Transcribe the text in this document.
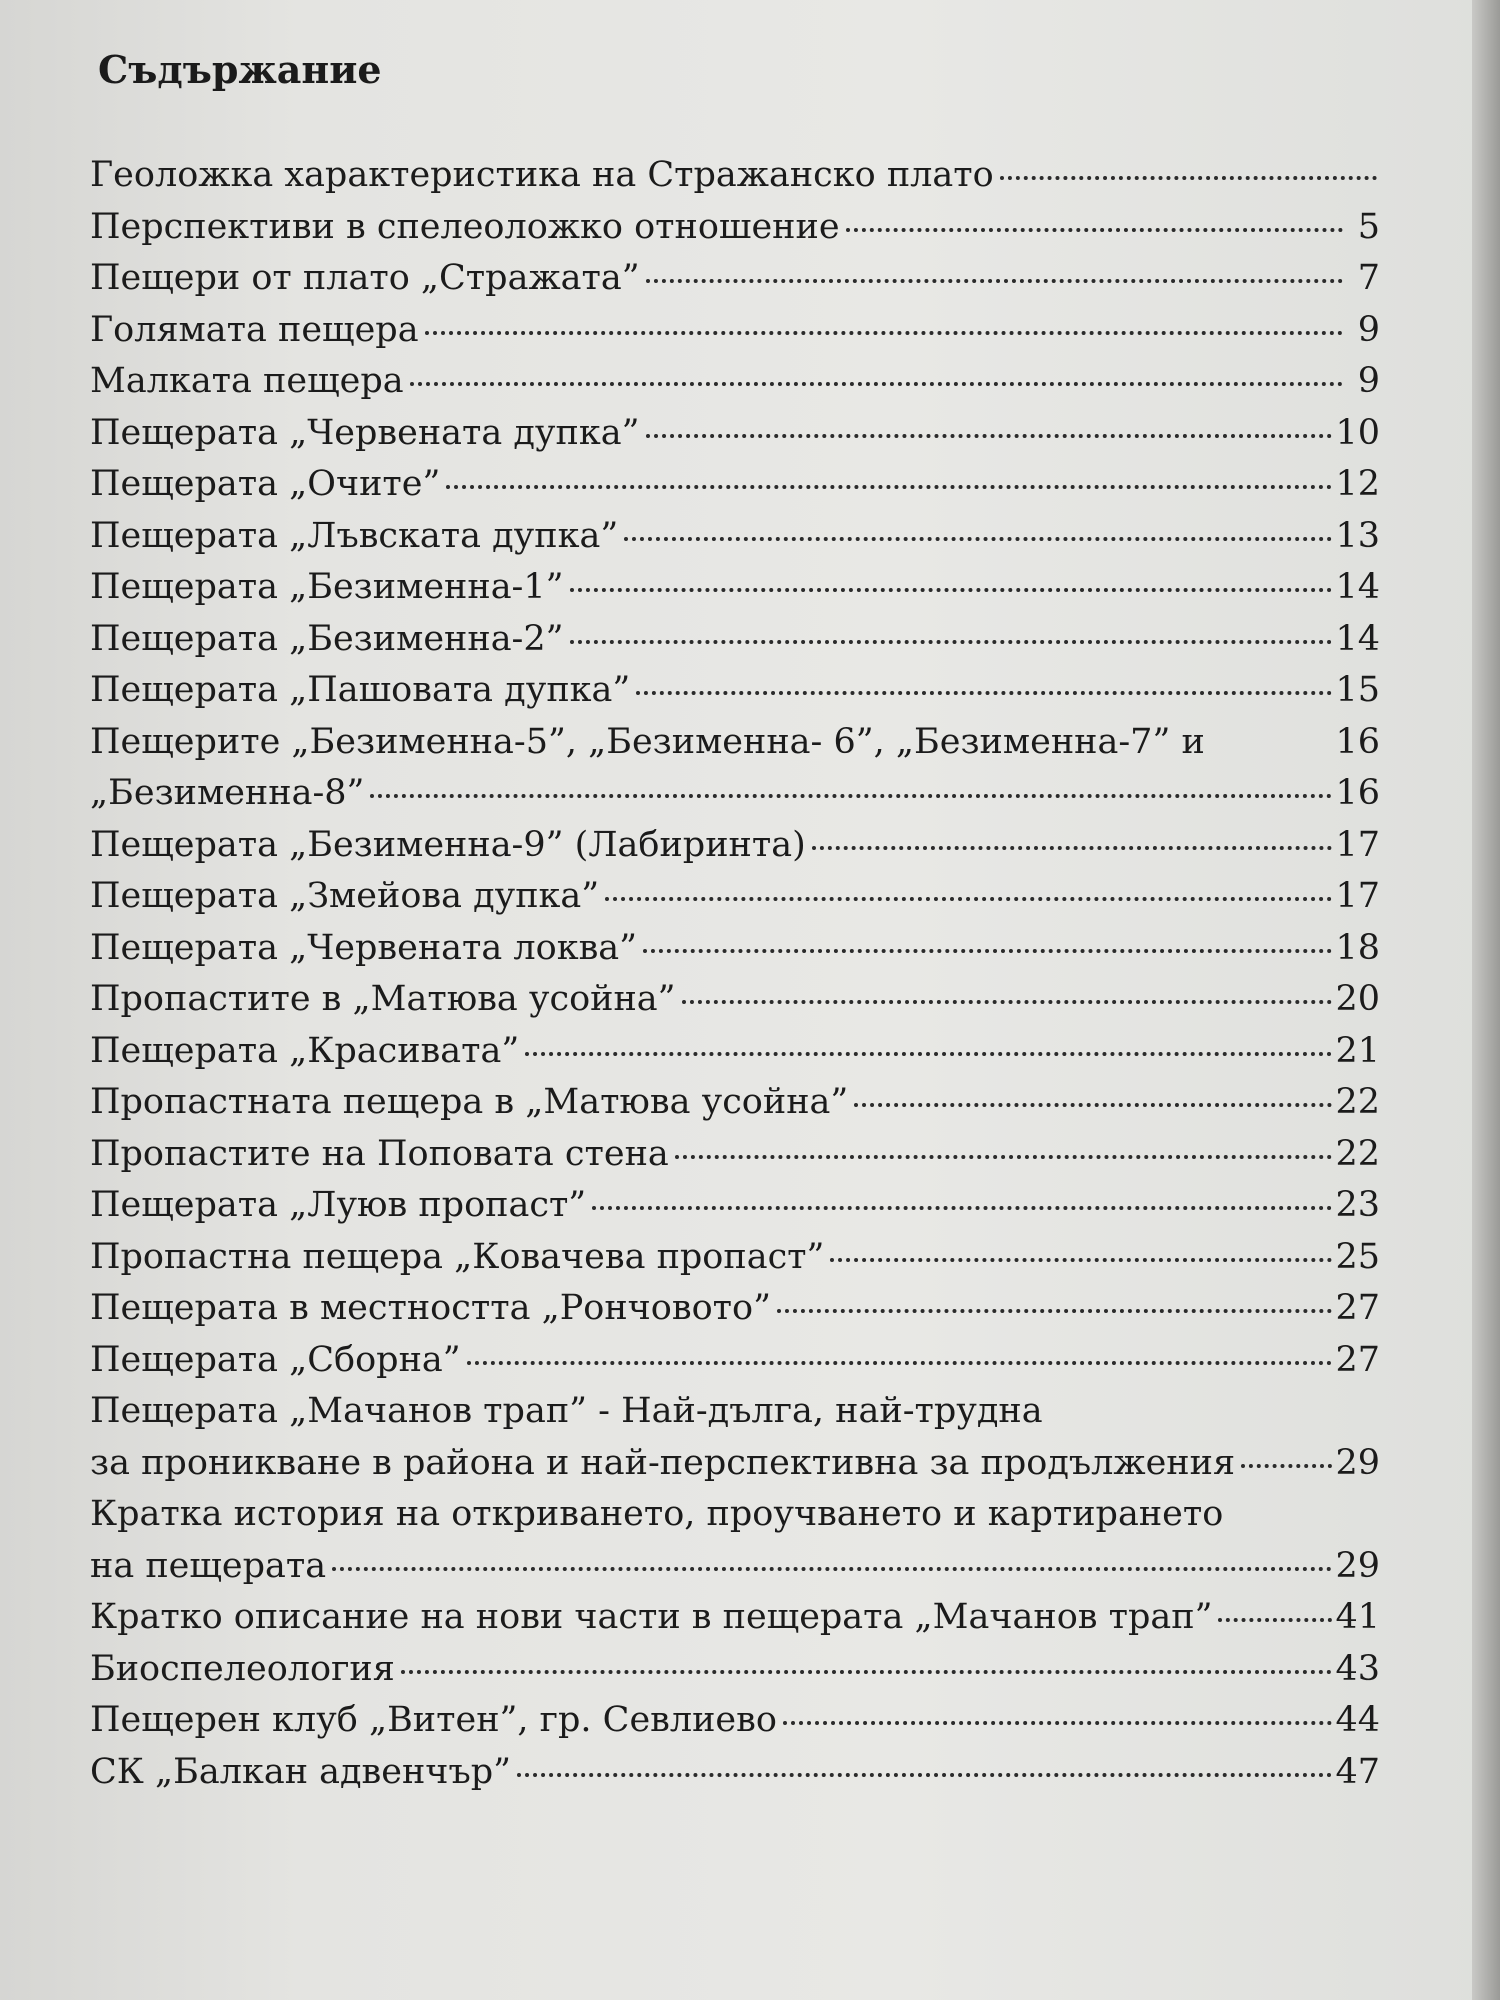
Съдържание
Геоложка характеристика на Стражанско плато
Перспективи в спелеоложко отношение	5
Пещери от плато „Стражата”	7
Голямата пещера	9
Малката пещера	9
Пещерата „Червената дупка”	10
Пещерата „Очите”	12
Пещерата „Лъвската дупка”	13
Пещерата „Безименна-1”	14
Пещерата „Безименна-2”	14
Пещерата „Пашовата дупка”	15
Пещерите „Безименна-5”, „Безименна- 6”, „Безименна-7” и	16
„Безименна-8”	16
Пещерата „Безименна-9” (Лабиринта)	17
Пещерата „Змейова дупка”	17
Пещерата „Червената локва”	18
Пропастите в „Матюва усойна”	20
Пещерата „Красивата”	21
Пропастната пещера в „Матюва усойна”	22
Пропастите на Поповата стена	22
Пещерата „Луюв пропаст”	23
Пропастна пещера „Ковачева пропаст”	25
Пещерата в местността „Рончовото”	27
Пещерата „Сборна”	27
Пещерата „Мачанов трап” - Най-дълга, най-трудна
за проникване в района и най-перспективна за продължения	29
Кратка история на откриването, проучването и картирането
на пещерата	29
Кратко описание на нови части в пещерата „Мачанов трап”	41
Биоспелеология	43
Пещерен клуб „Витен”, гр. Севлиево	44
СК „Балкан адвенчър”	47
